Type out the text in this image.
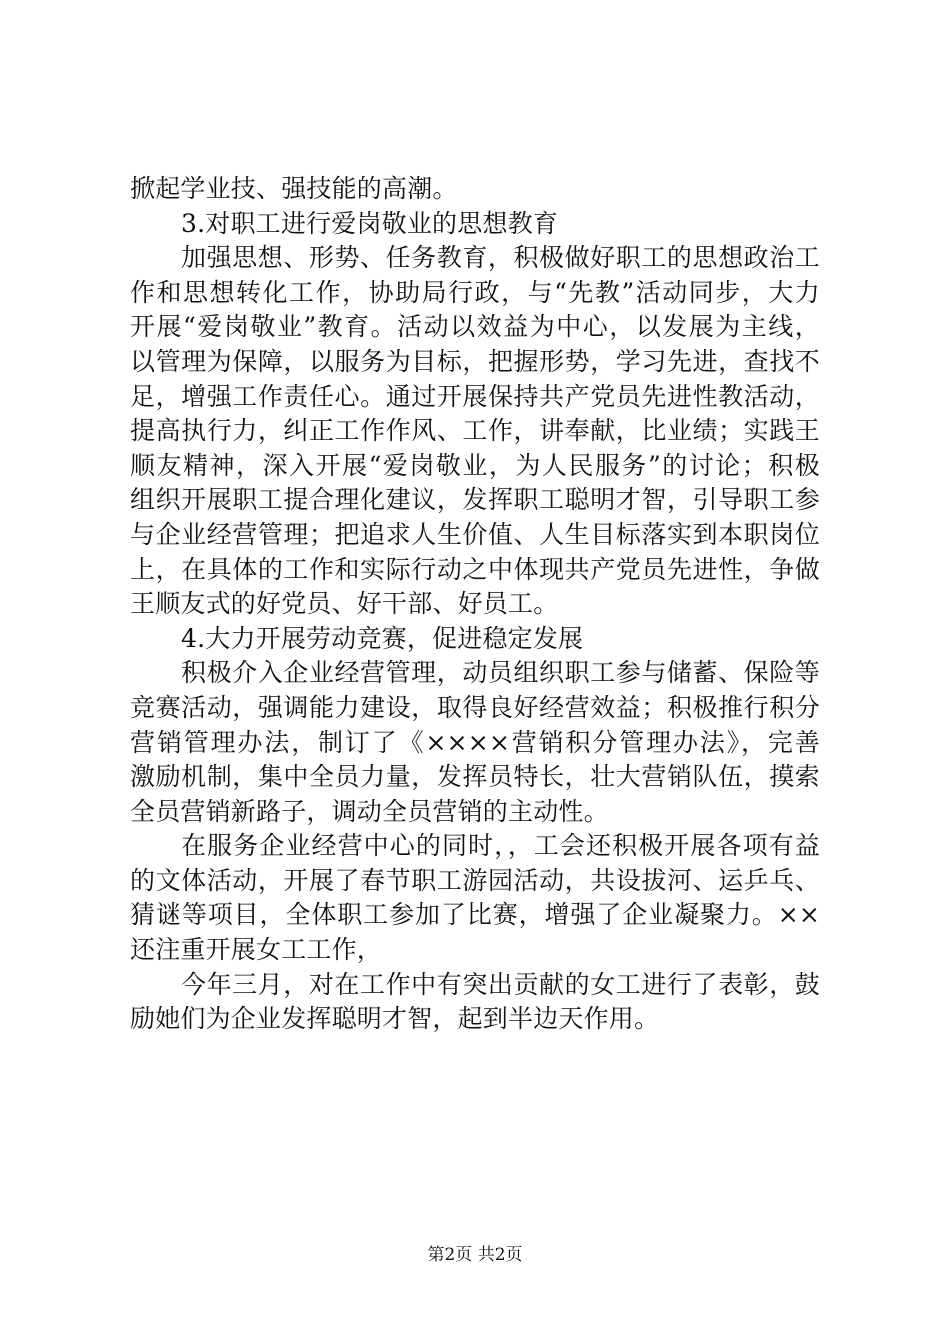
掀起学业技、强技能的高潮。
3.对职工进行爱岗敬业的思想教育
加强思想、形势、任务教育，积极做好职工的思想政治工
作和思想转化工作，协助局行政，与“先教”活动同步，大力
开展“爱岗敬业”教育。活动以效益为中心，以发展为主线，
以管理为保障，以服务为目标，把握形势，学习先进，查找不
足，增强工作责任心。通过开展保持共产党员先进性教活动，
提高执行力，纠正工作作风、工作，讲奉献，比业绩；实践王
顺友精神，深入开展“爱岗敬业，为人民服务”的讨论；积极
组织开展职工提合理化建议，发挥职工聪明才智，引导职工参
与企业经营管理；把追求人生价值、人生目标落实到本职岗位
上，在具体的工作和实际行动之中体现共产党员先进性，争做
王顺友式的好党员、好干部、好员工。
4.大力开展劳动竞赛，促进稳定发展
积极介入企业经营管理，动员组织职工参与储蓄、保险等
竞赛活动，强调能力建设，取得良好经营效益；积极推行积分
营销管理办法，制订了《××××营销积分管理办法》，完善
激励机制，集中全员力量，发挥员特长，壮大营销队伍，摸索
全员营销新路子，调动全员营销的主动性。
在服务企业经营中心的同时，，工会还积极开展各项有益
的文体活动，开展了春节职工游园活动，共设拔河、运乒乓、
猜谜等项目，全体职工参加了比赛，增强了企业凝聚力。××
还注重开展女工工作，
今年三月，对在工作中有突出贡献的女工进行了表彰，鼓
励她们为企业发挥聪明才智，起到半边天作用。
第2页 共2页
